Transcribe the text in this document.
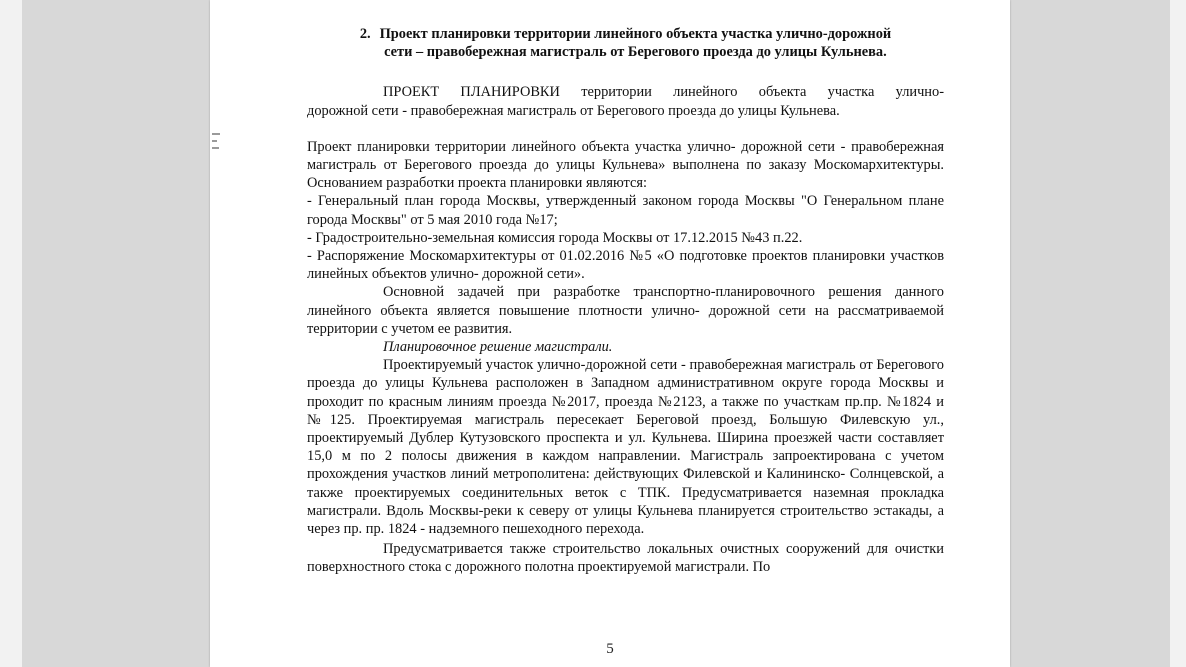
2. Проект планировки территории линейного объекта участка улично-дорожной
сети – правобережная магистраль от Берегового проезда до улицы Кульнева.

ПРОЕКТ ПЛАНИРОВКИ территории линейного объекта участка улично-
дорожной сети - правобережная магистраль от Берегового проезда до улицы Кульнева.

Проект планировки территории линейного объекта участка улично- дорожной сети - правобережная магистраль от Берегового проезда до улицы Кульнева» выполнена по заказу Москомархитектуры. Основанием разработки проекта планировки являются:

- Генеральный план города Москвы, утвержденный законом города Москвы "О Генеральном плане города Москвы" от 5 мая 2010 года №17;

- Градостроительно-земельная комиссия города Москвы от 17.12.2015 №43 п.22.

- Распоряжение Москомархитектуры от 01.02.2016 №5 «О подготовке проектов планировки участков линейных объектов улично- дорожной сети».

Основной задачей при разработке транспортно-планировочного решения данного линейного объекта является повышение плотности улично- дорожной сети на рассматриваемой территории с учетом ее развития.

Планировочное решение магистрали.

Проектируемый участок улично-дорожной сети - правобережная магистраль от Берегового проезда до улицы Кульнева расположен в Западном административном округе города Москвы и проходит по красным линиям проезда №2017, проезда №2123, а также по участкам пр.пр. №1824 и №125. Проектируемая магистраль пересекает Береговой проезд, Большую Филевскую ул., проектируемый Дублер Кутузовского проспекта и ул. Кульнева. Ширина проезжей части составляет 15,0 м по 2 полосы движения в каждом направлении. Магистраль запроектирована с учетом прохождения участков линий метрополитена: действующих Филевской и Калининско- Солнцевской, а также проектируемых соединительных веток с ТПК. Предусматривается наземная прокладка магистрали. Вдоль Москвы-реки к северу от улицы Кульнева планируется строительство эстакады, а через пр. пр. 1824 - надземного пешеходного перехода.

Предусматривается также строительство локальных очистных сооружений для очистки поверхностного стока с дорожного полотна проектируемой магистрали. По

5
